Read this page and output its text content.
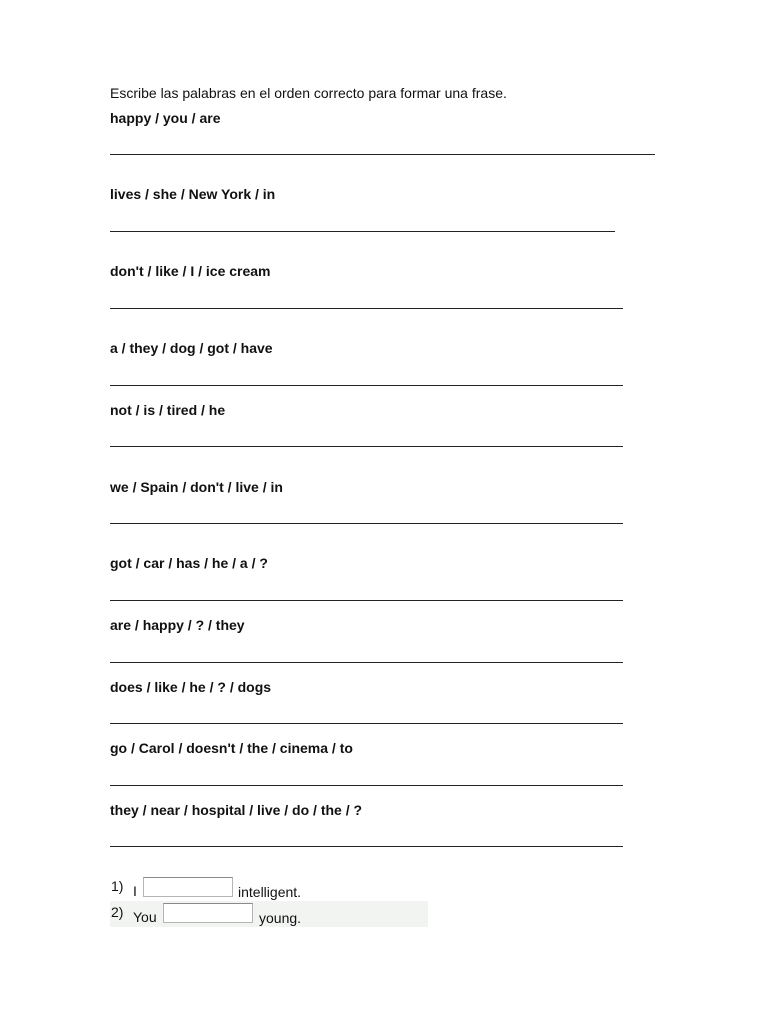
Escribe las palabras en el orden correcto para formar una frase.
happy / you / are
lives / she / New York / in
don't / like / I / ice cream
a / they / dog / got / have
not / is / tired / he
we / Spain / don't / live / in
got / car / has / he / a / ?
are / happy / ? / they
does / like / he / ? / dogs
go / Carol / doesn't / the / cinema / to
they / near / hospital / live / do / the / ?
1) I	intelligent.
2) You	young.
